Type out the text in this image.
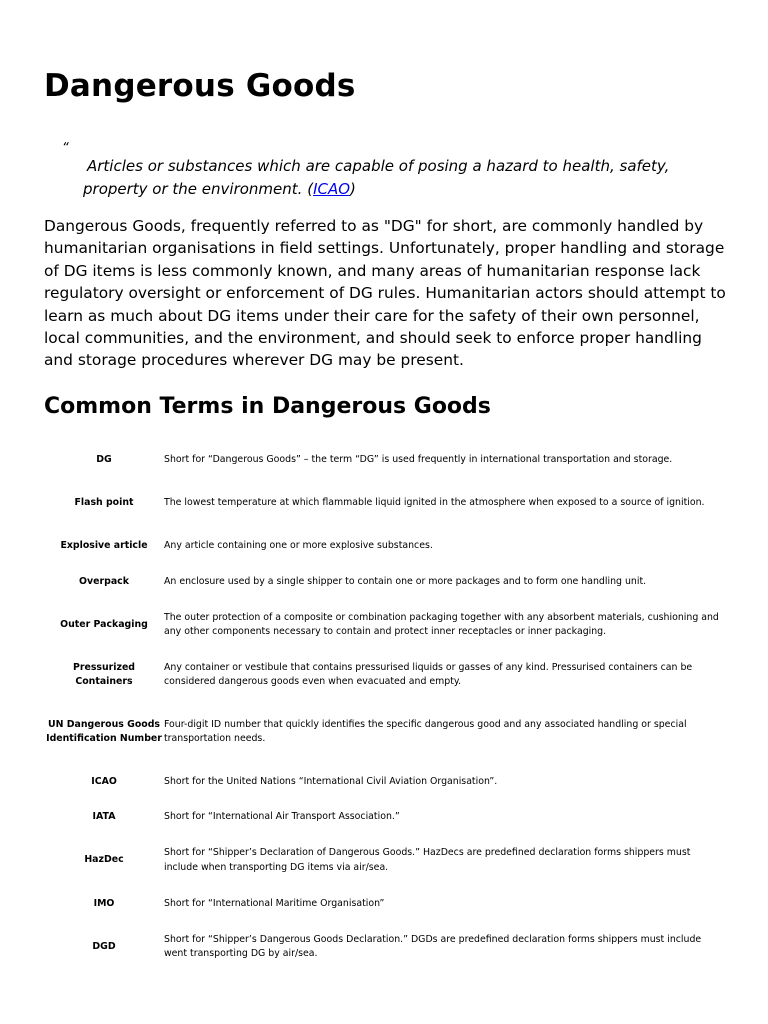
Dangerous Goods
“

Articles or substances which are capable of posing a hazard to health, safety, property or the environment. (ICAO)

Dangerous Goods, frequently referred to as "DG" for short, are commonly handled by humanitarian organisations in field settings. Unfortunately, proper handling and storage of DG items is less commonly known, and many areas of humanitarian response lack regulatory oversight or enforcement of DG rules. Humanitarian actors should attempt to learn as much about DG items under their care for the safety of their own personnel, local communities, and the environment, and should seek to enforce proper handling and storage procedures wherever DG may be present.

Common Terms in Dangerous Goods
DG	Short for “Dangerous Goods” – the term “DG” is used frequently in international transportation and storage.
Flash point	The lowest temperature at which flammable liquid ignited in the atmosphere when exposed to a source of ignition.
Explosive article	Any article containing one or more explosive substances.
Overpack	An enclosure used by a single shipper to contain one or more packages and to form one handling unit.
Outer Packaging	The outer protection of a composite or combination packaging together with any absorbent materials, cushioning and any other components necessary to contain and protect inner receptacles or inner packaging.
Pressurized Containers	Any container or vestibule that contains pressurised liquids or gasses of any kind. Pressurised containers can be considered dangerous goods even when evacuated and empty.
UN Dangerous Goods Identification Number	Four-digit ID number that quickly identifies the specific dangerous good and any associated handling or special transportation needs.
ICAO	Short for the United Nations “International Civil Aviation Organisation”.
IATA	Short for “International Air Transport Association.”
HazDec	Short for “Shipper’s Declaration of Dangerous Goods.” HazDecs are predefined declaration forms shippers must include when transporting DG items via air/sea.
IMO	Short for “International Maritime Organisation”
DGD	Short for “Shipper’s Dangerous Goods Declaration.” DGDs are predefined declaration forms shippers must include went transporting DG by air/sea.
